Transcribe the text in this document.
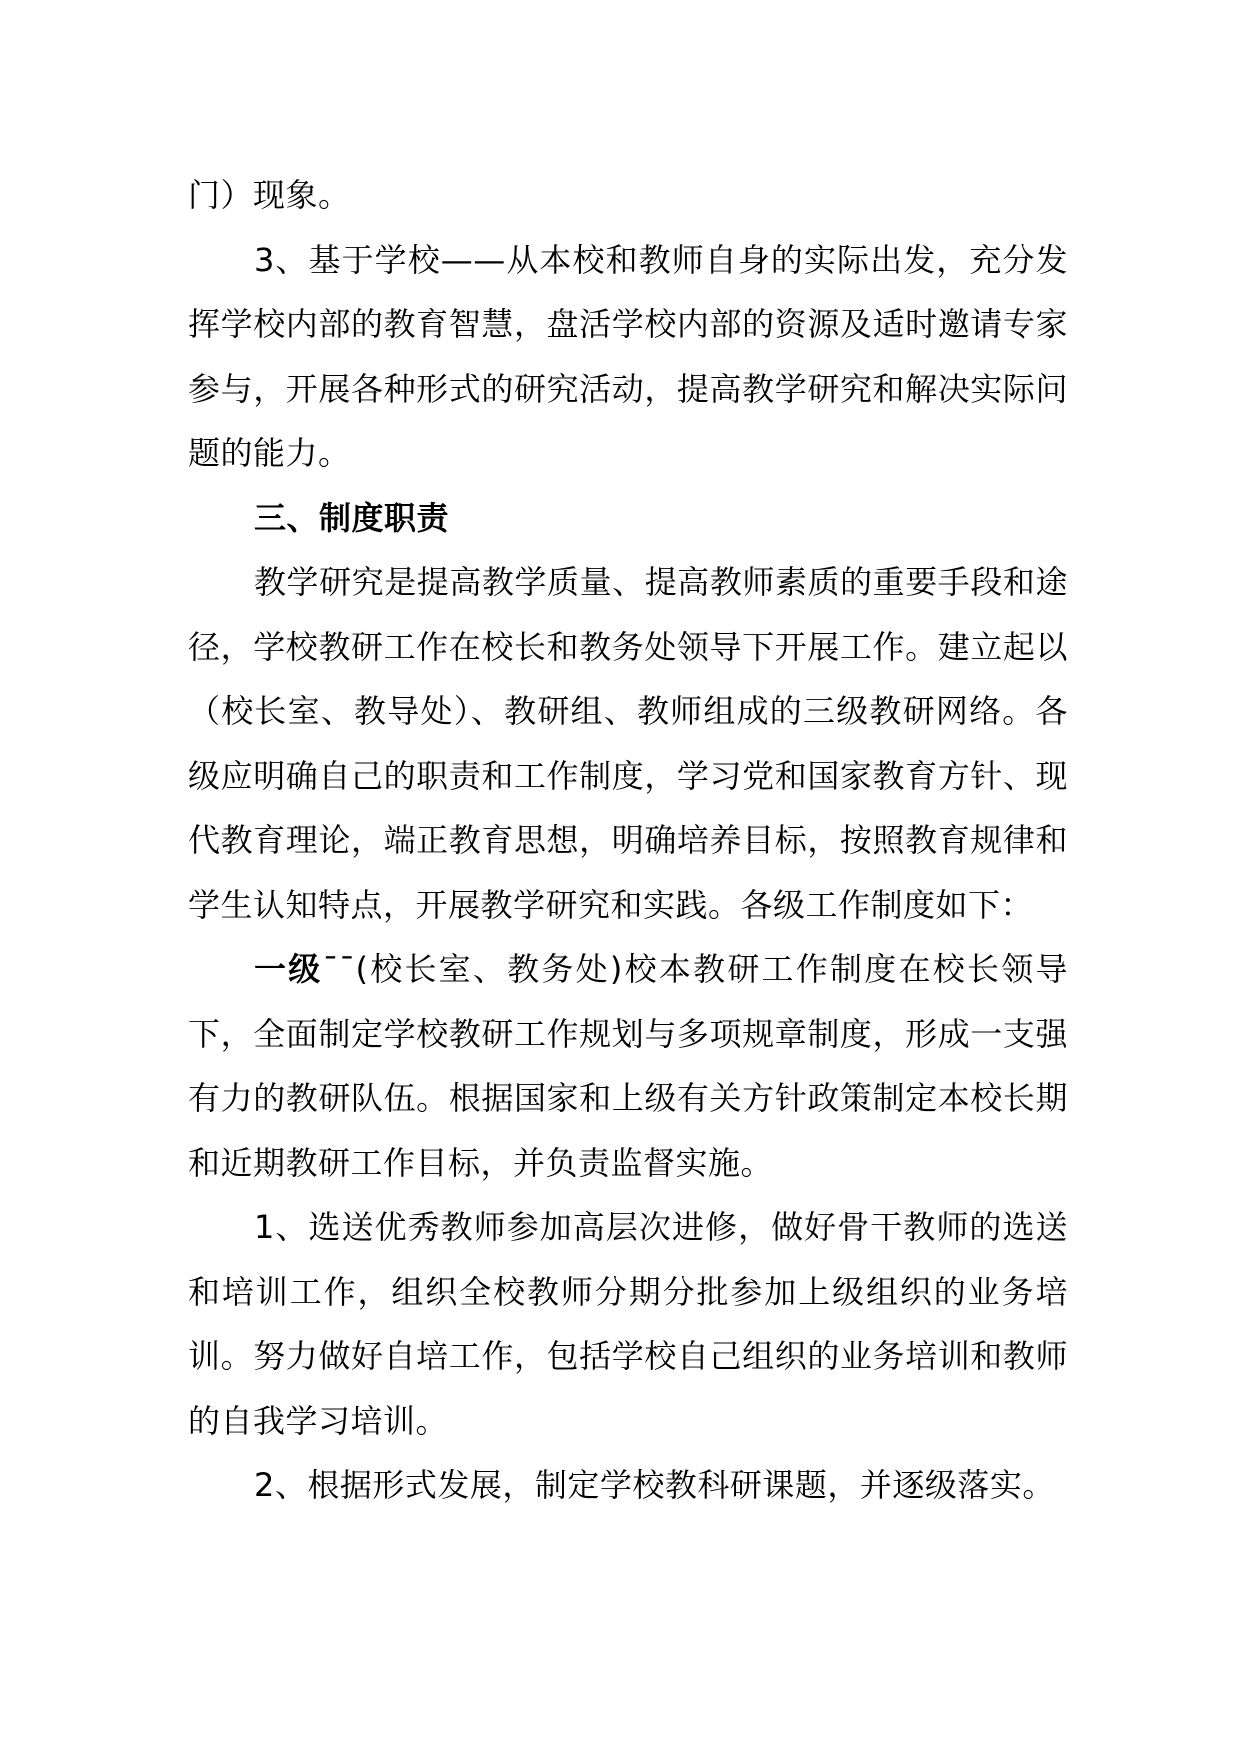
门）现象。

3、基于学校——从本校和教师自身的实际出发，充分发挥学校内部的教育智慧，盘活学校内部的资源及适时邀请专家参与，开展各种形式的研究活动，提高教学研究和解决实际问题的能力。

三、制度职责

教学研究是提高教学质量、提高教师素质的重要手段和途径，学校教研工作在校长和教务处领导下开展工作。建立起以（校长室、教导处）、教研组、教师组成的三级教研网络。各级应明确自己的职责和工作制度，学习党和国家教育方针、现代教育理论，端正教育思想，明确培养目标，按照教育规律和学生认知特点，开展教学研究和实践。各级工作制度如下：

一级¯¯(校长室、教务处)校本教研工作制度在校长领导下，全面制定学校教研工作规划与多项规章制度，形成一支强有力的教研队伍。根据国家和上级有关方针政策制定本校长期和近期教研工作目标，并负责监督实施。

1、选送优秀教师参加高层次进修，做好骨干教师的选送和培训工作，组织全校教师分期分批参加上级组织的业务培训。努力做好自培工作，包括学校自己组织的业务培训和教师的自我学习培训。

2、根据形式发展，制定学校教科研课题，并逐级落实。
